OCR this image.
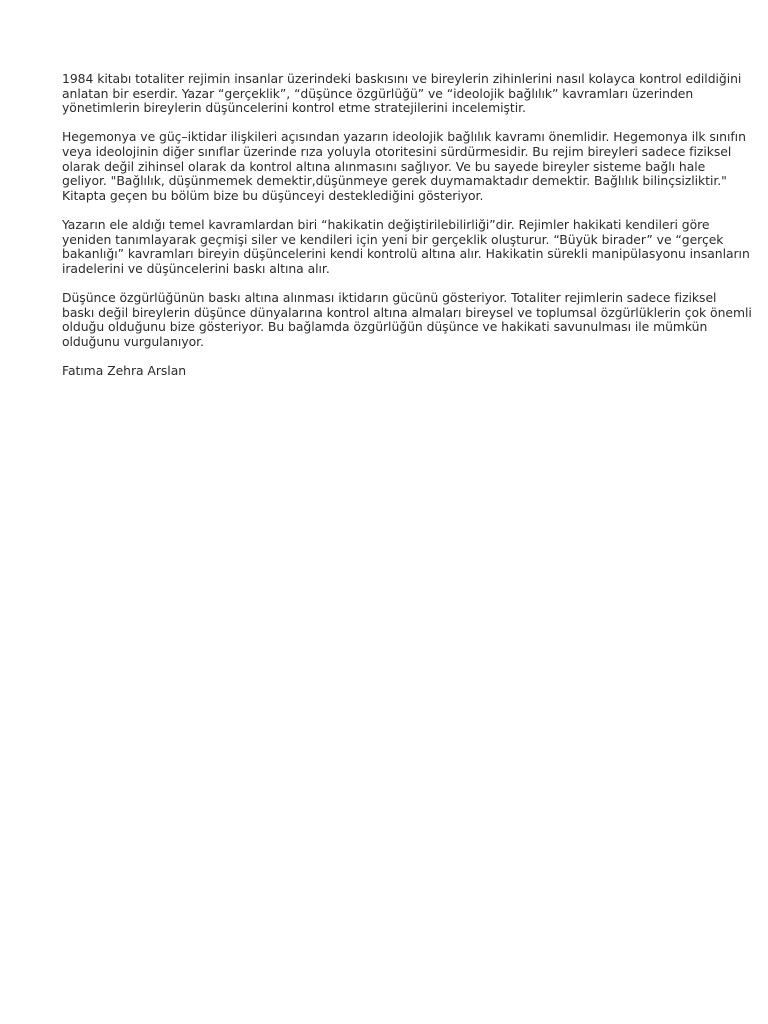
1984 kitabı totaliter rejimin insanlar üzerindeki baskısını ve bireylerin zihinlerini nasıl kolayca kontrol edildiğini anlatan bir eserdir. Yazar “gerçeklik”, “düşünce özgürlüğü” ve “ideolojik bağlılık” kavramları üzerinden yönetimlerin bireylerin düşüncelerini kontrol etme stratejilerini incelemiştir.

Hegemonya ve güç–iktidar ilişkileri açısından yazarın ideolojik bağlılık kavramı önemlidir. Hegemonya ilk sınıfın veya ideolojinin diğer sınıflar üzerinde rıza yoluyla otoritesini sürdürmesidir. Bu rejim bireyleri sadece fiziksel olarak değil zihinsel olarak da kontrol altına alınmasını sağlıyor. Ve bu sayede bireyler sisteme bağlı hale geliyor. "Bağlılık, düşünmemek demektir,düşünmeye gerek duymamaktadır demektir. Bağlılık bilinçsizliktir." Kitapta geçen bu bölüm bize bu düşünceyi desteklediğini gösteriyor.

Yazarın ele aldığı temel kavramlardan biri “hakikatin değiştirilebilirliği”dir. Rejimler hakikati kendileri göre yeniden tanımlayarak geçmişi siler ve kendileri için yeni bir gerçeklik oluşturur. “Büyük birader” ve “gerçek bakanlığı” kavramları bireyin düşüncelerini kendi kontrolü altına alır. Hakikatin sürekli manipülasyonu insanların iradelerini ve düşüncelerini baskı altına alır.

Düşünce özgürlüğünün baskı altına alınması iktidarın gücünü gösteriyor. Totaliter rejimlerin sadece fiziksel baskı değil bireylerin düşünce dünyalarına kontrol altına almaları bireysel ve toplumsal özgürlüklerin çok önemli olduğu olduğunu bize gösteriyor. Bu bağlamda özgürlüğün düşünce ve hakikati savunulması ile mümkün olduğunu vurgulanıyor.

Fatıma Zehra Arslan
